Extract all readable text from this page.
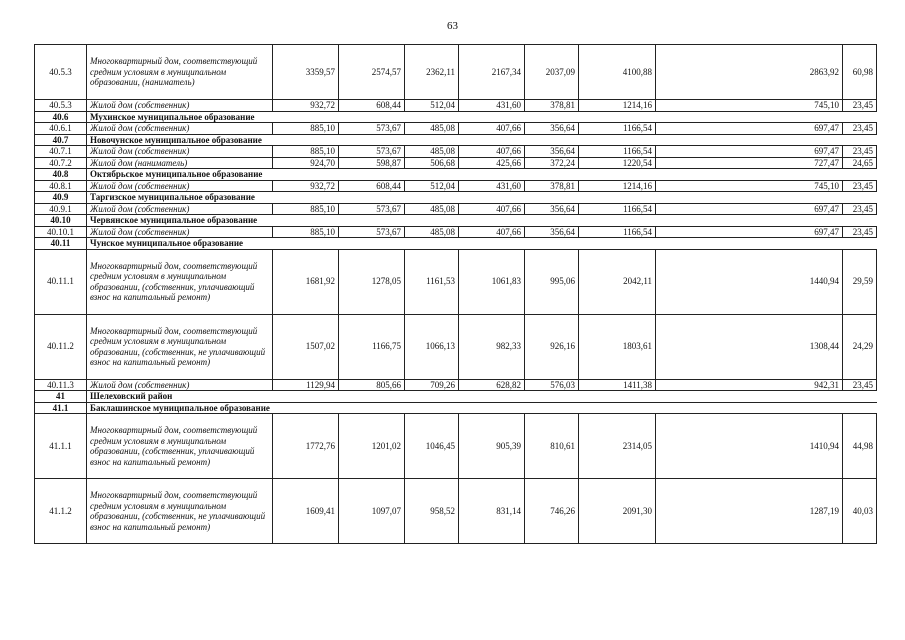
63
40.5.3	Многоквартирный дом, соответствующий средним условиям в муниципальном образовании, (наниматель)	3359,57	2574,57	2362,11	2167,34	2037,09	4100,88	2863,92	60,98
40.5.3	Жилой дом (собственник)	932,72	608,44	512,04	431,60	378,81	1214,16	745,10	23,45
40.6	Мухинское муниципальное образование								
40.6.1	Жилой дом (собственник)	885,10	573,67	485,08	407,66	356,64	1166,54	697,47	23,45
40.7	Новочунское муниципальное образование								
40.7.1	Жилой дом (собственник)	885,10	573,67	485,08	407,66	356,64	1166,54	697,47	23,45
40.7.2	Жилой дом (наниматель)	924,70	598,87	506,68	425,66	372,24	1220,54	727,47	24,65
40.8	Октябрьское муниципальное образование								
40.8.1	Жилой дом (собственник)	932,72	608,44	512,04	431,60	378,81	1214,16	745,10	23,45
40.9	Таргизское муниципальное образование								
40.9.1	Жилой дом (собственник)	885,10	573,67	485,08	407,66	356,64	1166,54	697,47	23,45
40.10	Червянское муниципальное образование								
40.10.1	Жилой дом (собственник)	885,10	573,67	485,08	407,66	356,64	1166,54	697,47	23,45
40.11	Чунское муниципальное образование								
40.11.1	Многоквартирный дом, соответствующий средним условиям в муниципальном образовании, (собственник, уплачивающий взнос на капитальный ремонт)	1681,92	1278,05	1161,53	1061,83	995,06	2042,11	1440,94	29,59
40.11.2	Многоквартирный дом, соответствующий средним условиям в муниципальном образовании, (собственник, не уплачивающий взнос на капитальный ремонт)	1507,02	1166,75	1066,13	982,33	926,16	1803,61	1308,44	24,29
40.11.3	Жилой дом (собственник)	1129,94	805,66	709,26	628,82	576,03	1411,38	942,31	23,45
41	Шелеховский район								
41.1	Баклашинское муниципальное образование								
41.1.1	Многоквартирный дом, соответствующий средним условиям в муниципальном образовании, (собственник, уплачивающий взнос на капитальный ремонт)	1772,76	1201,02	1046,45	905,39	810,61	2314,05	1410,94	44,98
41.1.2	Многоквартирный дом, соответствующий средним условиям в муниципальном образовании, (собственник, не уплачивающий взнос на капитальный ремонт)	1609,41	1097,07	958,52	831,14	746,26	2091,30	1287,19	40,03
